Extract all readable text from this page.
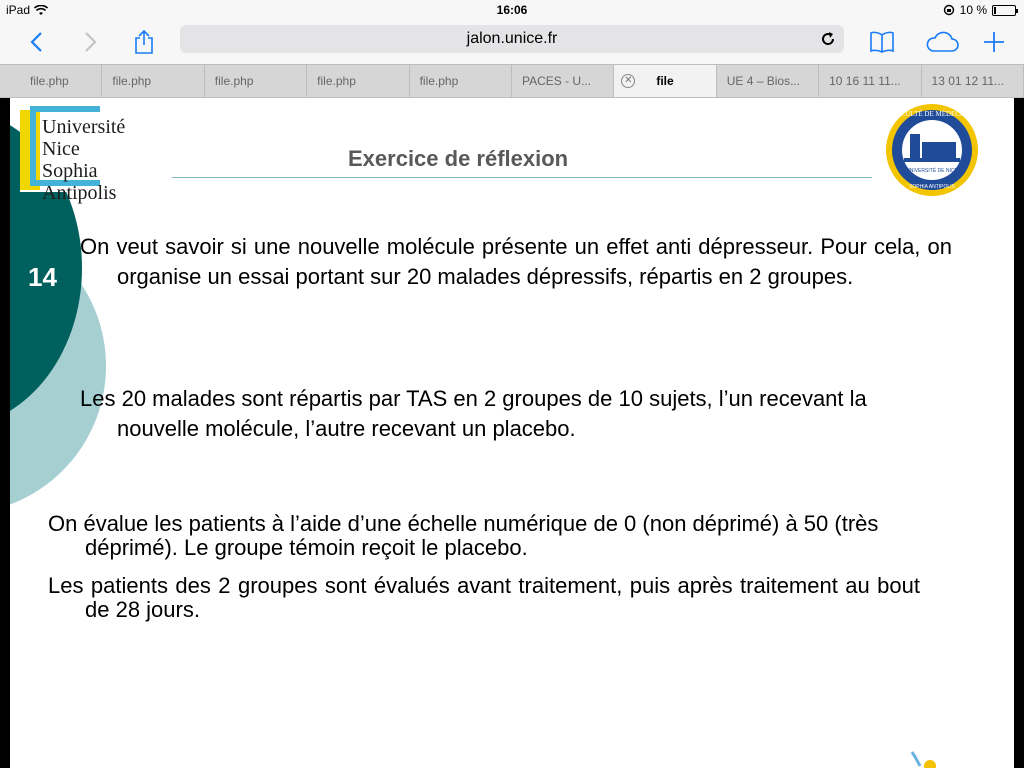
iPad	16:06	10 %
jalon.unice.fr
file.php	file.php	file.php	file.php	file.php	PACES - U...	✕ file	UE 4 – Bios...	10 16 11 11...	13 01 12 11...
14
Université
Nice
Sophia Antipolis
Exercice de réflexion
FACULTÉ DE MÉDECINE
UNIVERSITÉ DE NICE
SOPHIA ANTIPOLIS
On veut savoir si une nouvelle molécule présente un effet anti dépresseur. Pour cela, on organise un essai portant sur 20 malades dépressifs, répartis en 2 groupes.
Les 20 malades sont répartis par TAS en 2 groupes de 10 sujets, l’un recevant la nouvelle molécule, l’autre recevant un placebo.
On évalue les patients à l’aide d’une échelle numérique de 0 (non déprimé) à 50 (très déprimé). Le groupe témoin reçoit le placebo.
Les patients des 2 groupes sont évalués avant traitement, puis après traitement au bout de 28 jours.
